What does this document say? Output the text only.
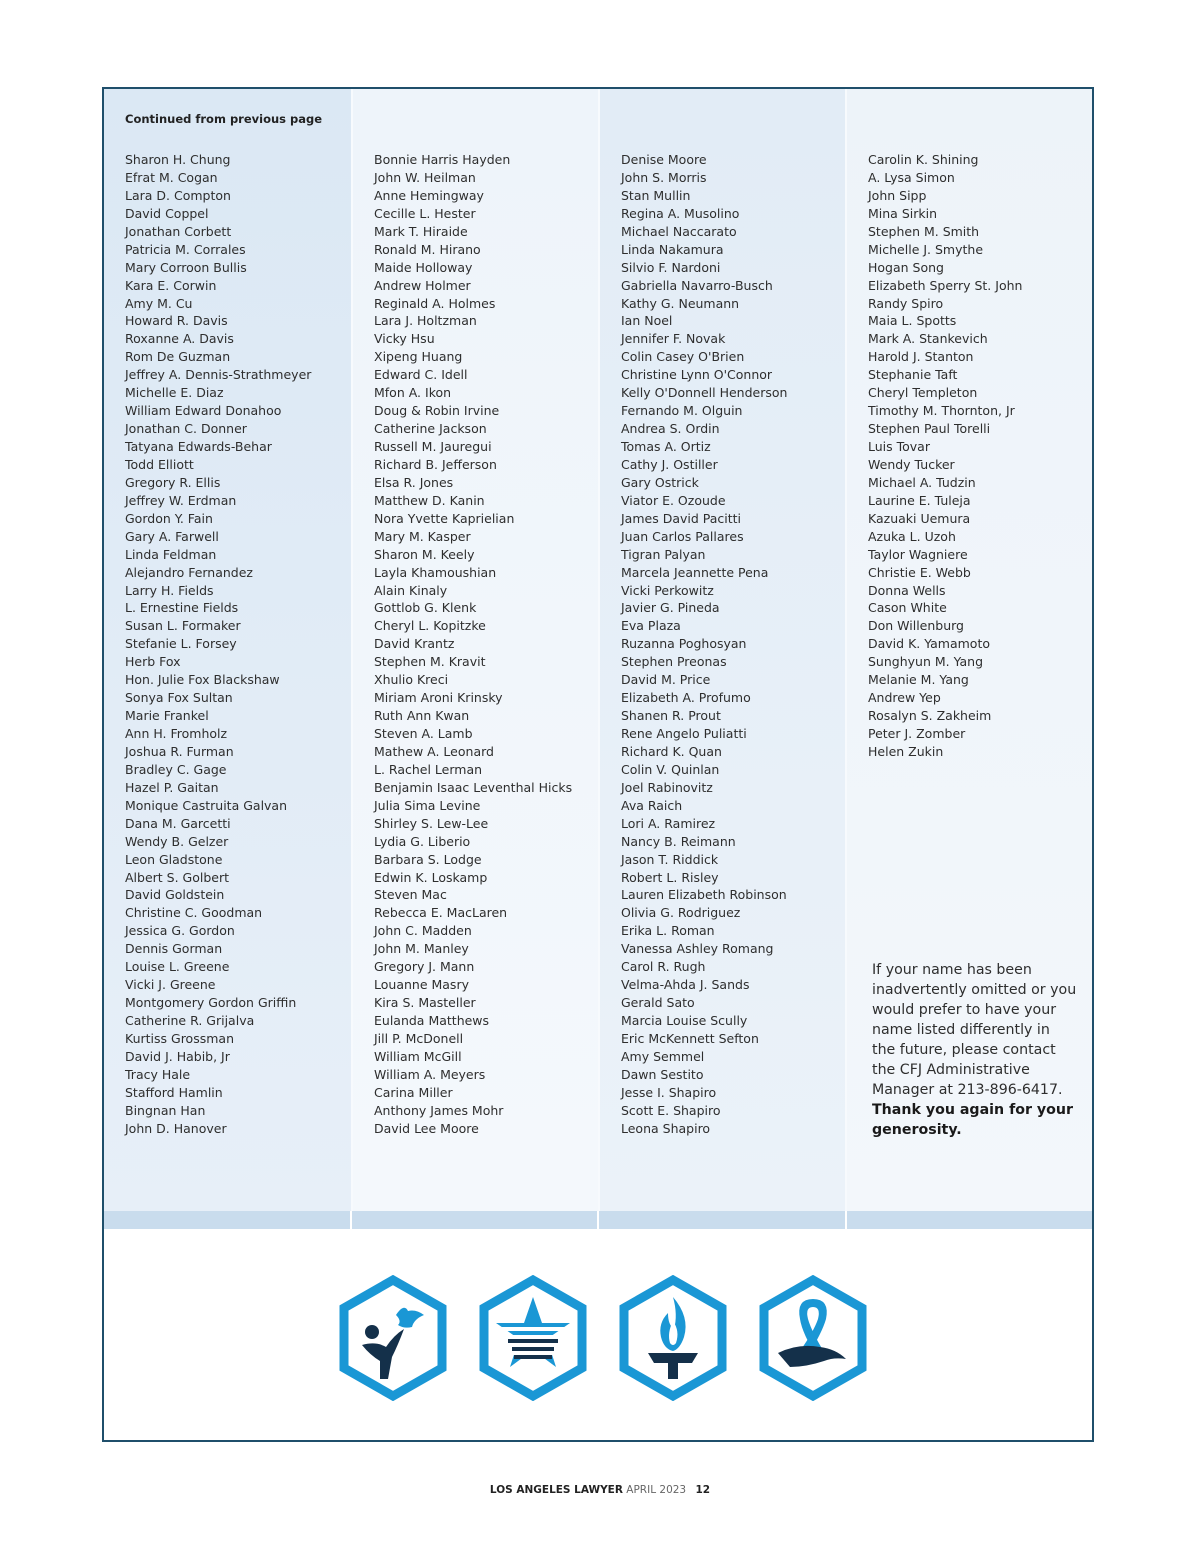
Continued from previous page
Sharon H. Chung
Efrat M. Cogan
Lara D. Compton
David Coppel
Jonathan Corbett
Patricia M. Corrales
Mary Corroon Bullis
Kara E. Corwin
Amy M. Cu
Howard R. Davis
Roxanne A. Davis
Rom De Guzman
Jeffrey A. Dennis-Strathmeyer
Michelle E. Diaz
William Edward Donahoo
Jonathan C. Donner
Tatyana Edwards-Behar
Todd Elliott
Gregory R. Ellis
Jeffrey W. Erdman
Gordon Y. Fain
Gary A. Farwell
Linda Feldman
Alejandro Fernandez
Larry H. Fields
L. Ernestine Fields
Susan L. Formaker
Stefanie L. Forsey
Herb Fox
Hon. Julie Fox Blackshaw
Sonya Fox Sultan
Marie Frankel
Ann H. Fromholz
Joshua R. Furman
Bradley C. Gage
Hazel P. Gaitan
Monique Castruita Galvan
Dana M. Garcetti
Wendy B. Gelzer
Leon Gladstone
Albert S. Golbert
David Goldstein
Christine C. Goodman
Jessica G. Gordon
Dennis Gorman
Louise L. Greene
Vicki J. Greene
Montgomery Gordon Griffin
Catherine R. Grijalva
Kurtiss Grossman
David J. Habib, Jr
Tracy Hale
Stafford Hamlin
Bingnan Han
John D. Hanover
Bonnie Harris Hayden
John W. Heilman
Anne Hemingway
Cecille L. Hester
Mark T. Hiraide
Ronald M. Hirano
Maide Holloway
Andrew Holmer
Reginald A. Holmes
Lara J. Holtzman
Vicky Hsu
Xipeng Huang
Edward C. Idell
Mfon A. Ikon
Doug & Robin Irvine
Catherine Jackson
Russell M. Jauregui
Richard B. Jefferson
Elsa R. Jones
Matthew D. Kanin
Nora Yvette Kaprielian
Mary M. Kasper
Sharon M. Keely
Layla Khamoushian
Alain Kinaly
Gottlob G. Klenk
Cheryl L. Kopitzke
David Krantz
Stephen M. Kravit
Xhulio Kreci
Miriam Aroni Krinsky
Ruth Ann Kwan
Steven A. Lamb
Mathew A. Leonard
L. Rachel Lerman
Benjamin Isaac Leventhal Hicks
Julia Sima Levine
Shirley S. Lew-Lee
Lydia G. Liberio
Barbara S. Lodge
Edwin K. Loskamp
Steven Mac
Rebecca E. MacLaren
John C. Madden
John M. Manley
Gregory J. Mann
Louanne Masry
Kira S. Masteller
Eulanda Matthews
Jill P. McDonell
William McGill
William A. Meyers
Carina Miller
Anthony James Mohr
David Lee Moore
Denise Moore
John S. Morris
Stan Mullin
Regina A. Musolino
Michael Naccarato
Linda Nakamura
Silvio F. Nardoni
Gabriella Navarro-Busch
Kathy G. Neumann
Ian Noel
Jennifer F. Novak
Colin Casey O'Brien
Christine Lynn O'Connor
Kelly O'Donnell Henderson
Fernando M. Olguin
Andrea S. Ordin
Tomas A. Ortiz
Cathy J. Ostiller
Gary Ostrick
Viator E. Ozoude
James David Pacitti
Juan Carlos Pallares
Tigran Palyan
Marcela Jeannette Pena
Vicki Perkowitz
Javier G. Pineda
Eva Plaza
Ruzanna Poghosyan
Stephen Preonas
David M. Price
Elizabeth A. Profumo
Shanen R. Prout
Rene Angelo Puliatti
Richard K. Quan
Colin V. Quinlan
Joel Rabinovitz
Ava Raich
Lori A. Ramirez
Nancy B. Reimann
Jason T. Riddick
Robert L. Risley
Lauren Elizabeth Robinson
Olivia G. Rodriguez
Erika L. Roman
Vanessa Ashley Romang
Carol R. Rugh
Velma-Ahda J. Sands
Gerald Sato
Marcia Louise Scully
Eric McKennett Sefton
Amy Semmel
Dawn Sestito
Jesse I. Shapiro
Scott E. Shapiro
Leona Shapiro
Carolin K. Shining
A. Lysa Simon
John Sipp
Mina Sirkin
Stephen M. Smith
Michelle J. Smythe
Hogan Song
Elizabeth Sperry St. John
Randy Spiro
Maia L. Spotts
Mark A. Stankevich
Harold J. Stanton
Stephanie Taft
Cheryl Templeton
Timothy M. Thornton, Jr
Stephen Paul Torelli
Luis Tovar
Wendy Tucker
Michael A. Tudzin
Laurine E. Tuleja
Kazuaki Uemura
Azuka L. Uzoh
Taylor Wagniere
Christie E. Webb
Donna Wells
Cason White
Don Willenburg
David K. Yamamoto
Sunghyun M. Yang
Melanie M. Yang
Andrew Yep
Rosalyn S. Zakheim
Peter J. Zomber
Helen Zukin
If your name has been inadvertently omitted or you would prefer to have your name listed differently in the future, please contact the CFJ Administrative Manager at 213-896-6417. Thank you again for your generosity.
LOS ANGELES LAWYER APRIL 2023 12
